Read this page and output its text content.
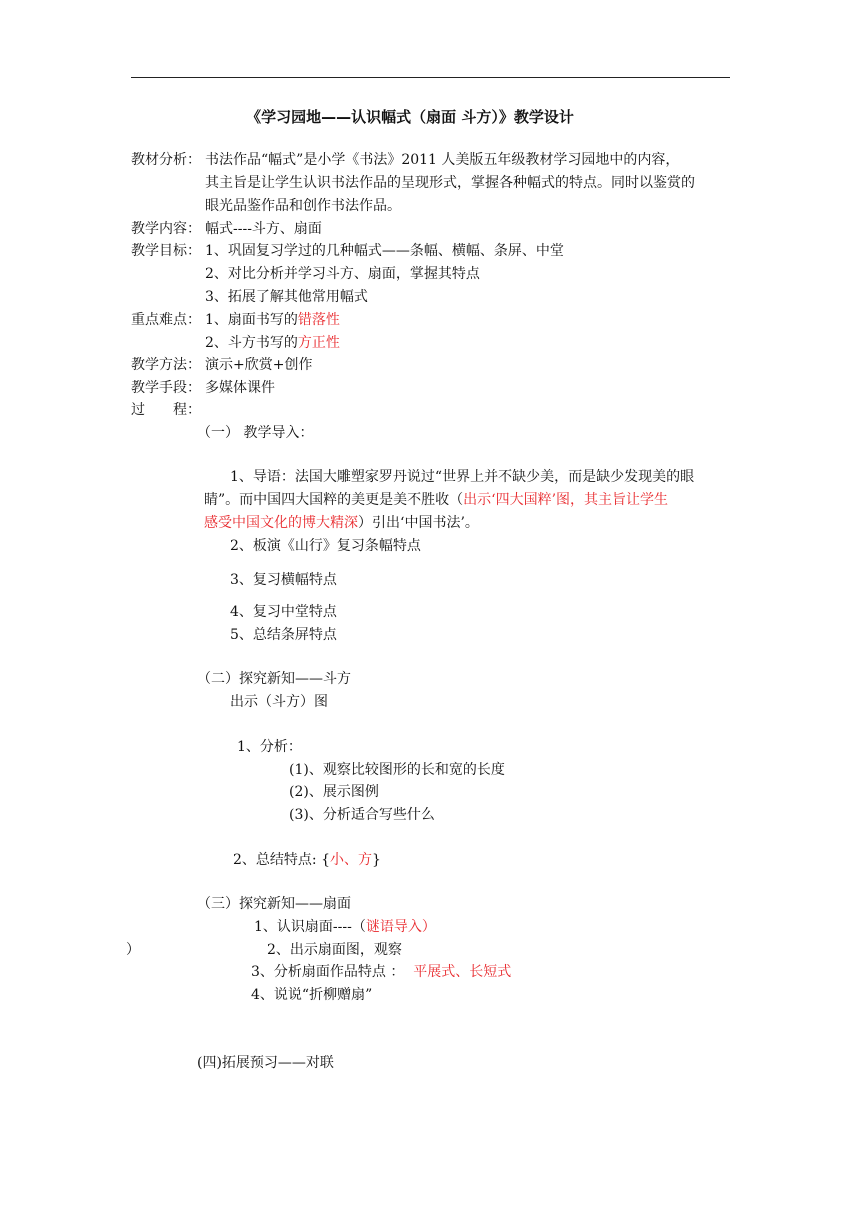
《学习园地——认识幅式（扇面 斗方）》教学设计
教材分析： 书法作品“幅式”是小学《书法》2011 人美版五年级教材学习园地中的内容，
其主旨是让学生认识书法作品的呈现形式，掌握各种幅式的特点。同时以鉴赏的
眼光品鉴作品和创作书法作品。
教学内容： 幅式----斗方、扇面
教学目标： 1、巩固复习学过的几种幅式——条幅、横幅、条屏、中堂
2、对比分析并学习斗方、扇面，掌握其特点
3、拓展了解其他常用幅式
重点难点： 1、扇面书写的错落性
2、斗方书写的方正性
教学方法： 演示+欣赏+创作
教学手段： 多媒体课件
过　　程：
（一） 教学导入：
1、导语：法国大雕塑家罗丹说过“世界上并不缺少美，而是缺少发现美的眼
睛”。而中国四大国粹的美更是美不胜收（出示‘四大国粹’图，其主旨让学生
感受中国文化的博大精深）引出‘中国书法’。
2、板演《山行》复习条幅特点
3、复习横幅特点
4、复习中堂特点
5、总结条屏特点
（二）探究新知——斗方
出示（斗方）图
1、分析：
(1)、观察比较图形的长和宽的长度
(2)、展示图例
(3)、分析适合写些什么
2、总结特点: {小、方}
（三）探究新知——扇面
1、认识扇面----（谜语导入）
）	2、出示扇面图，观察
3、分析扇面作品特点 ：  平展式、长短式
4、说说“折柳赠扇”
(四)拓展预习——对联
